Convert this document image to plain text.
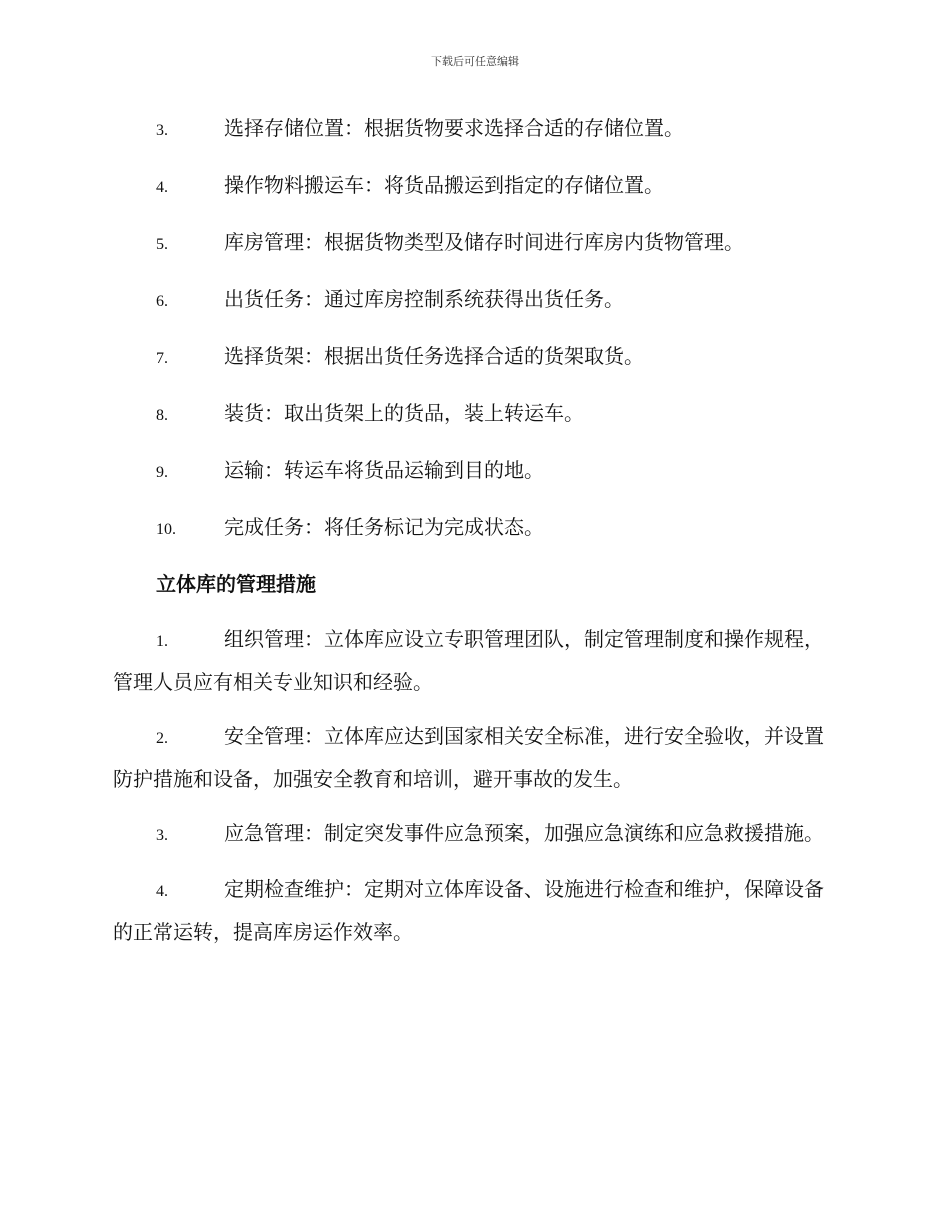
下载后可任意编辑

3.	选择存储位置：根据货物要求选择合适的存储位置。

4.	操作物料搬运车：将货品搬运到指定的存储位置。

5.	库房管理：根据货物类型及储存时间进行库房内货物管理。

6.	出货任务：通过库房控制系统获得出货任务。

7.	选择货架：根据出货任务选择合适的货架取货。

8.	装货：取出货架上的货品，装上转运车。

9.	运输：转运车将货品运输到目的地。

10. 完成任务：将任务标记为完成状态。

立体库的管理措施

1.	组织管理：立体库应设立专职管理团队，制定管理制度和操作规程，管理人员应有相关专业知识和经验。

2.	安全管理：立体库应达到国家相关安全标准，进行安全验收，并设置防护措施和设备，加强安全教育和培训，避开事故的发生。

3.	应急管理：制定突发事件应急预案，加强应急演练和应急救援措施。

4.	定期检查维护：定期对立体库设备、设施进行检查和维护，保障设备的正常运转，提高库房运作效率。
